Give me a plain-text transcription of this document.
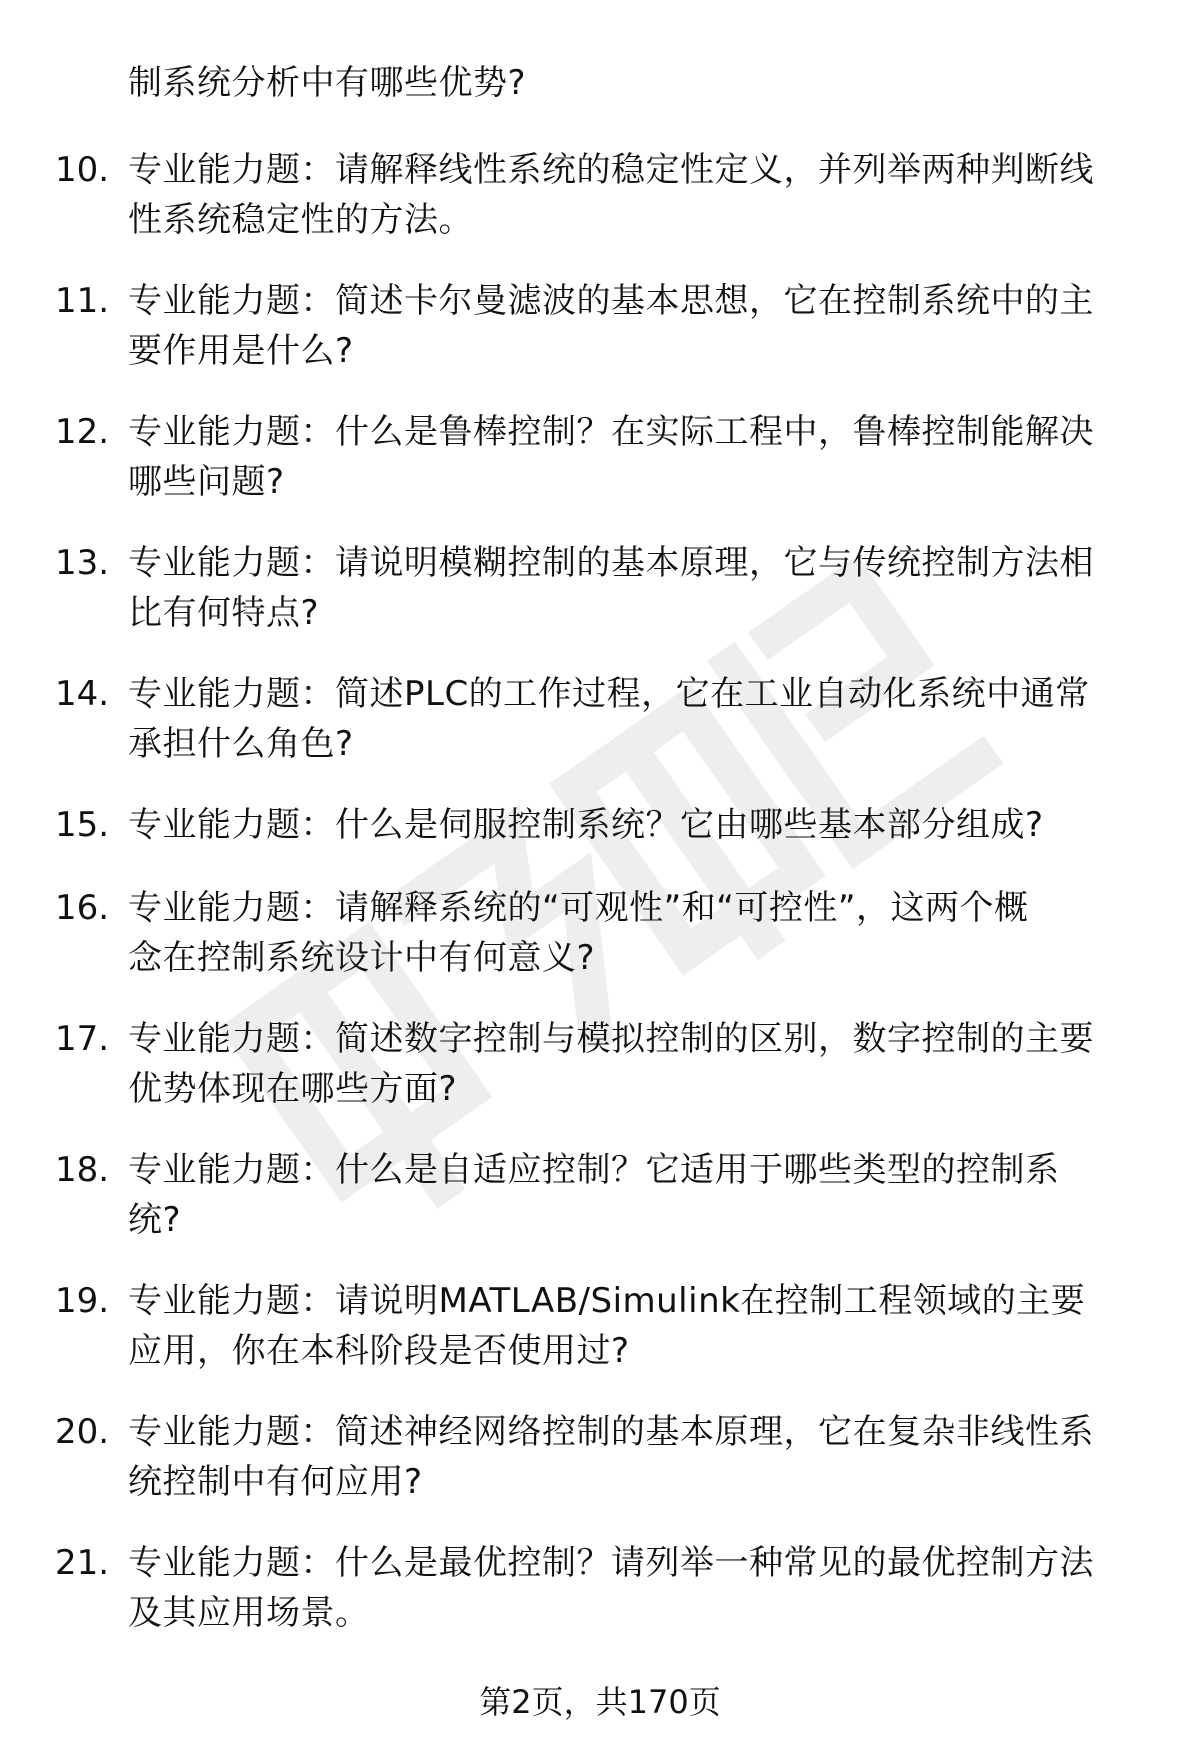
制系统分析中有哪些优势?
10. 专业能力题：请解释线性系统的稳定性定义，并列举两种判断线
性系统稳定性的方法。
11. 专业能力题：简述卡尔曼滤波的基本思想，它在控制系统中的主
要作用是什么?
12. 专业能力题：什么是鲁棒控制？在实际工程中，鲁棒控制能解决
哪些问题?
13. 专业能力题：请说明模糊控制的基本原理，它与传统控制方法相
比有何特点?
14. 专业能力题：简述PLC的工作过程，它在工业自动化系统中通常
承担什么角色?
15. 专业能力题：什么是伺服控制系统？它由哪些基本部分组成?
16. 专业能力题：请解释系统的“可观性”和“可控性”，这两个概
念在控制系统设计中有何意义?
17. 专业能力题：简述数字控制与模拟控制的区别，数字控制的主要
优势体现在哪些方面?
18. 专业能力题：什么是自适应控制？它适用于哪些类型的控制系
统?
19. 专业能力题：请说明MATLAB/Simulink在控制工程领域的主要
应用，你在本科阶段是否使用过?
20. 专业能力题：简述神经网络控制的基本原理，它在复杂非线性系
统控制中有何应用?
21. 专业能力题：什么是最优控制？请列举一种常见的最优控制方法
及其应用场景。
第2页，共170页
